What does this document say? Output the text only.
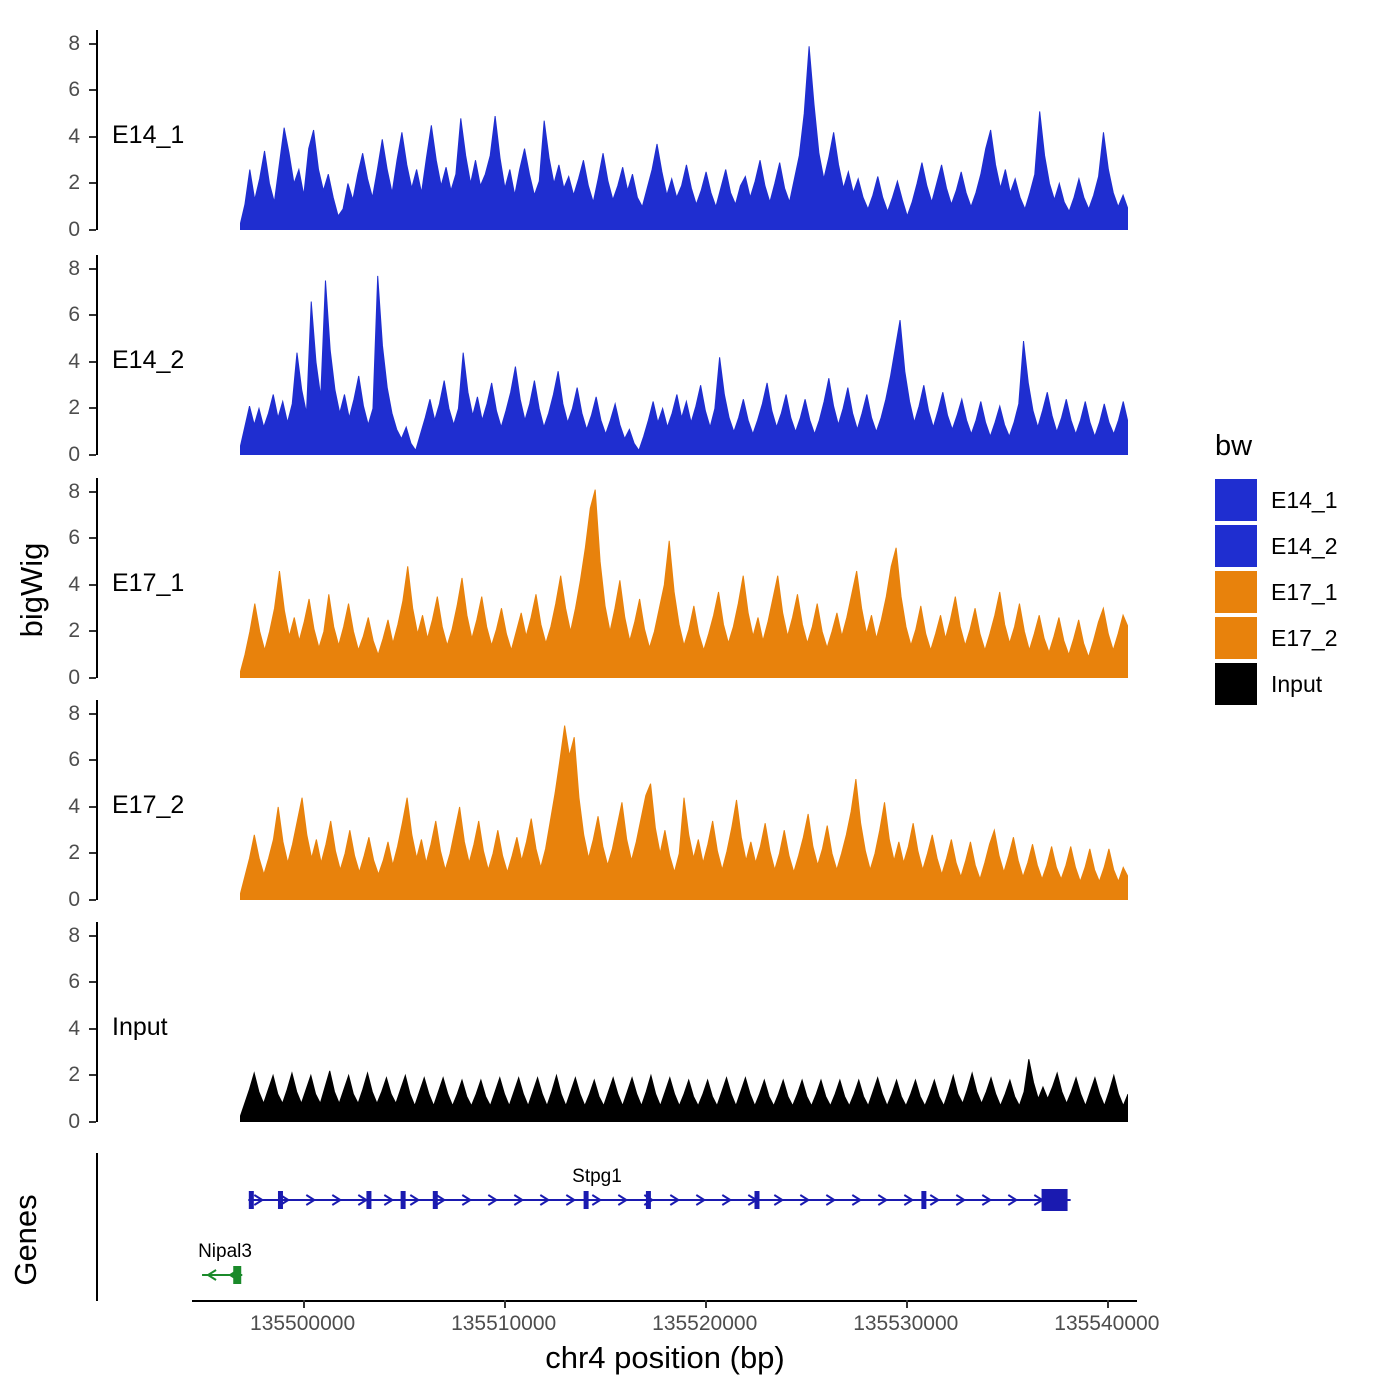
bigWig
Genes
chr4 position (bp)
0
2
4
6
8
E14_1
0
2
4
6
8
E14_2
0
2
4
6
8
E17_1
0
2
4
6
8
E17_2
0
2
4
6
8
Input
bw
E14_1
E14_2
E17_1
E17_2
Input
Stpg1
Nipal3
135500000	135510000	135520000	135530000	135540000
